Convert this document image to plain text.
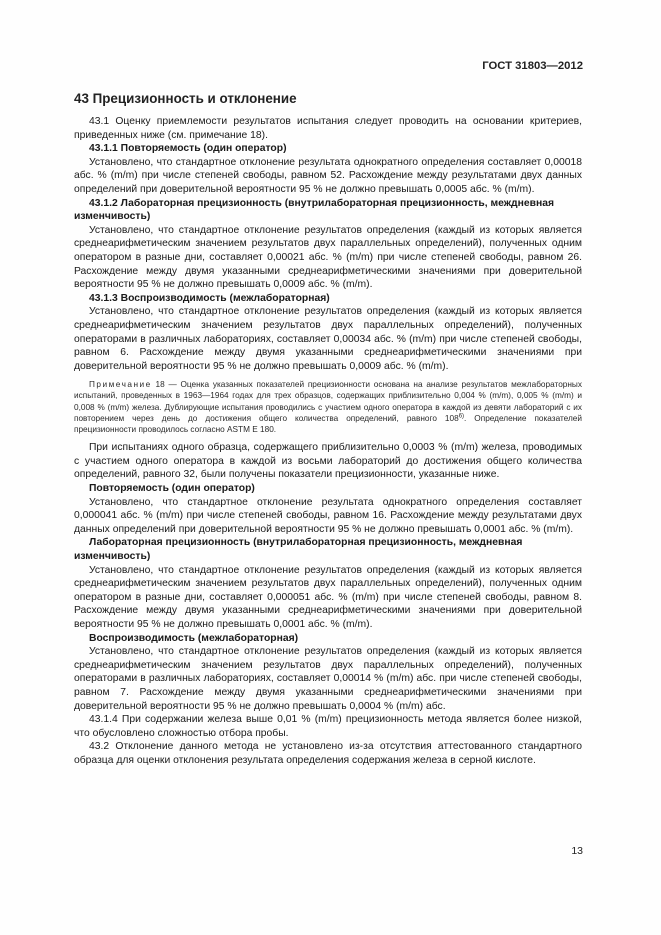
ГОСТ 31803—2012
43 Прецизионность и отклонение

43.1 Оценку приемлемости результатов испытания следует проводить на основании критериев, приведенных ниже (см. примечание 18).

43.1.1 Повторяемость (один оператор)

Установлено, что стандартное отклонение результата однократного определения составляет 0,00018 абс. % (m/m) при числе степеней свободы, равном 52. Расхождение между результатами двух данных определений при доверительной вероятности 95 % не должно превышать 0,0005 абс. % (m/m).

43.1.2 Лабораторная прецизионность (внутрилабораторная прецизионность, междневная изменчивость)

Установлено, что стандартное отклонение результатов определения (каждый из которых является среднеарифметическим значением результатов двух параллельных определений), полученных одним оператором в разные дни, составляет 0,00021 абс. % (m/m) при числе степеней свободы, равном 26. Расхождение между двумя указанными среднеарифметическими значениями при доверительной вероятности 95 % не должно превышать 0,0009 абс. % (m/m).

43.1.3 Воспроизводимость (межлабораторная)

Установлено, что стандартное отклонение результатов определения (каждый из которых является среднеарифметическим значением результатов двух параллельных определений), полученных операторами в различных лабораториях, составляет 0,00034 абс. % (m/m) при числе степеней свободы, равном 6. Расхождение между двумя указанными среднеарифметическими значениями при доверительной вероятности 95 % не должно превышать 0,0009 абс. % (m/m).

Примечание 18 — Оценка указанных показателей прецизионности основана на анализе результатов межлабораторных испытаний, проведенных в 1963—1964 годах для трех образцов, содержащих приблизительно 0,004 % (m/m), 0,005 % (m/m) и 0,008 % (m/m) железа. Дублирующие испытания проводились с участием одного оператора в каждой из девяти лабораторий с их повторением через день до достижения общего количества определений, равного 108$^{6)}$. Определение показателей прецизионности проводилось согласно ASTM E 180.

При испытаниях одного образца, содержащего приблизительно 0,0003 % (m/m) железа, проводимых с участием одного оператора в каждой из восьми лабораторий до достижения общего количества определений, равного 32, были получены показатели прецизионности, указанные ниже.

Повторяемость (один оператор)

Установлено, что стандартное отклонение результата однократного определения составляет 0,000041 абс. % (m/m) при числе степеней свободы, равном 16. Расхождение между результатами двух данных определений при доверительной вероятности 95 % не должно превышать 0,0001 абс. % (m/m).

Лабораторная прецизионность (внутрилабораторная прецизионность, междневная изменчивость)

Установлено, что стандартное отклонение результатов определения (каждый из которых является среднеарифметическим значением результатов двух параллельных определений), полученных одним оператором в разные дни, составляет 0,000051 абс. % (m/m) при числе степеней свободы, равном 8. Расхождение между двумя указанными среднеарифметическими значениями при доверительной вероятности 95 % не должно превышать 0,0001 абс. % (m/m).

Воспроизводимость (межлабораторная)

Установлено, что стандартное отклонение результатов определения (каждый из которых является среднеарифметическим значением результатов двух параллельных определений), полученных операторами в различных лабораториях, составляет 0,00014 % (m/m) абс. при числе степеней свободы, равном 7. Расхождение между двумя указанными среднеарифметическими значениями при доверительной вероятности 95 % не должно превышать 0,0004 % (m/m) абс.

43.1.4 При содержании железа выше 0,01 % (m/m) прецизионность метода является более низкой, что обусловлено сложностью отбора пробы.

43.2 Отклонение данного метода не установлено из-за отсутствия аттестованного стандартного образца для оценки отклонения результата определения содержания железа в серной кислоте.

13
